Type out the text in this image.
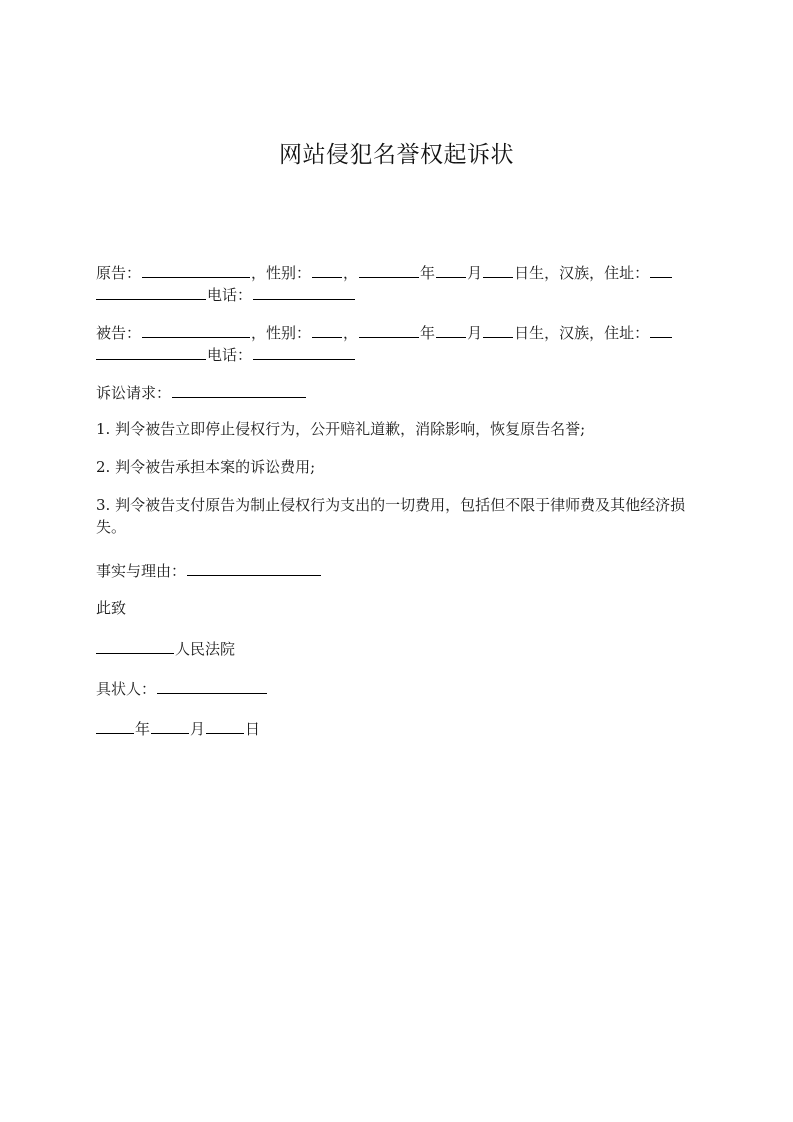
网站侵犯名誉权起诉状
原告：	，性别： ，	年 月 日生，汉族，住址：
电话：
被告：	，性别： ，	年 月 日生，汉族，住址：
电话：
诉讼请求：
1. 判令被告立即停止侵权行为，公开赔礼道歉，消除影响，恢复原告名誉;
2. 判令被告承担本案的诉讼费用;
3. 判令被告支付原告为制止侵权行为支出的一切费用，包括但不限于律师费及其他经济损失。
事实与理由：
此致
人民法院
具状人：
年	月	日
